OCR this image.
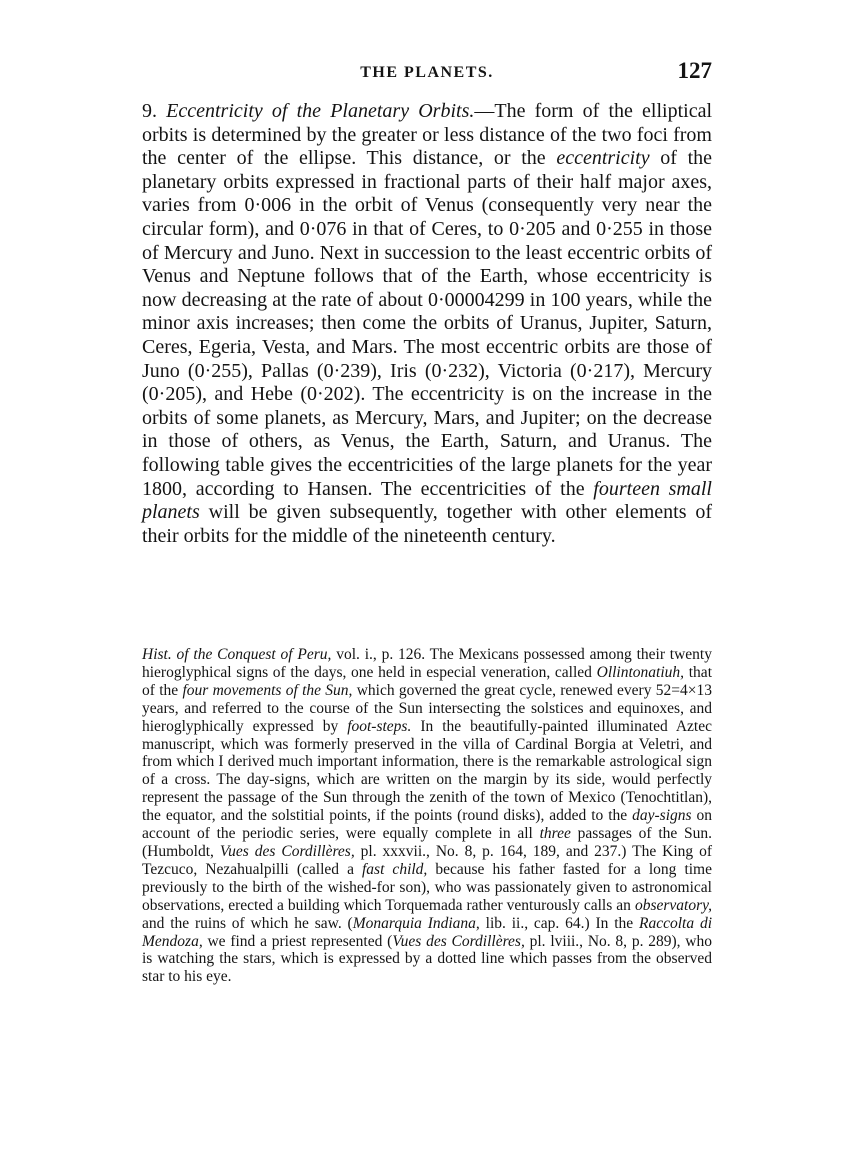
THE PLANETS.	127

9. Eccentricity of the Planetary Orbits.—The form of the elliptical orbits is determined by the greater or less distance of the two foci from the center of the ellipse. This distance, or the eccentricity of the planetary orbits expressed in fractional parts of their half major axes, varies from 0·006 in the orbit of Venus (consequently very near the circular form), and 0·076 in that of Ceres, to 0·205 and 0·255 in those of Mercury and Juno. Next in succession to the least eccentric orbits of Venus and Neptune follows that of the Earth, whose eccentricity is now decreasing at the rate of about 0·00004299 in 100 years, while the minor axis increases; then come the orbits of Uranus, Jupiter, Saturn, Ceres, Egeria, Vesta, and Mars. The most eccentric orbits are those of Juno (0·255), Pallas (0·239), Iris (0·232), Victoria (0·217), Mercury (0·205), and Hebe (0·202). The eccentricity is on the increase in the orbits of some planets, as Mercury, Mars, and Jupiter; on the decrease in those of others, as Venus, the Earth, Saturn, and Uranus. The following table gives the eccentricities of the large planets for the year 1800, according to Hansen. The eccentricities of the fourteen small planets will be given subsequently, together with other elements of their orbits for the middle of the nineteenth century.

Hist. of the Conquest of Peru, vol. i., p. 126. The Mexicans possessed among their twenty hieroglyphical signs of the days, one held in especial veneration, called Ollintonatiuh, that of the four movements of the Sun, which governed the great cycle, renewed every 52=4×13 years, and referred to the course of the Sun intersecting the solstices and equinoxes, and hieroglyphically expressed by foot-steps. In the beautifully-painted illuminated Aztec manuscript, which was formerly preserved in the villa of Cardinal Borgia at Veletri, and from which I derived much important information, there is the remarkable astrological sign of a cross. The day-signs, which are written on the margin by its side, would perfectly represent the passage of the Sun through the zenith of the town of Mexico (Tenochtitlan), the equator, and the solstitial points, if the points (round disks), added to the day-signs on account of the periodic series, were equally complete in all three passages of the Sun. (Humboldt, Vues des Cordillères, pl. xxxvii., No. 8, p. 164, 189, and 237.) The King of Tezcuco, Nezahualpilli (called a fast child, because his father fasted for a long time previously to the birth of the wished-for son), who was passionately given to astronomical observations, erected a building which Torquemada rather venturously calls an observatory, and the ruins of which he saw. (Monarquia Indiana, lib. ii., cap. 64.) In the Raccolta di Mendoza, we find a priest represented (Vues des Cordillères, pl. lviii., No. 8, p. 289), who is watching the stars, which is expressed by a dotted line which passes from the observed star to his eye.
